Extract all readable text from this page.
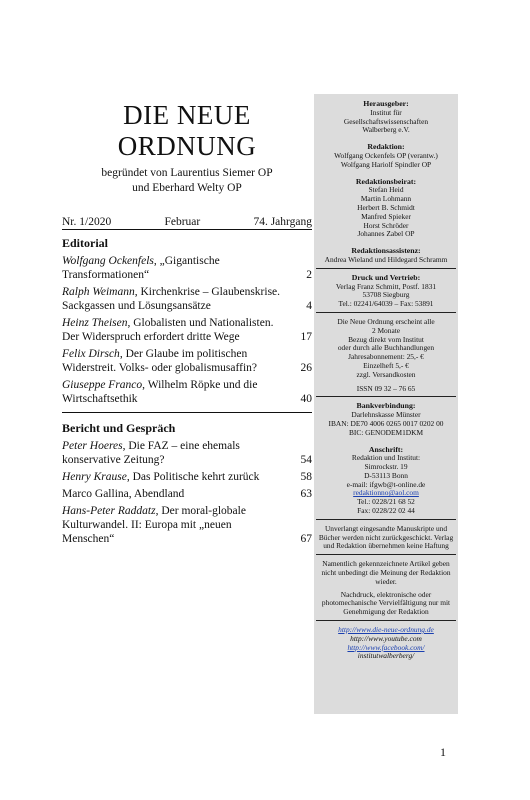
DIE NEUE
ORDNUNG
begründet von Laurentius Siemer OP
und Eberhard Welty OP
Nr. 1/2020	Februar	74. Jahrgang
Editorial
Wolfgang Ockenfels, „Gigantische Transformationen“	2
Ralph Weimann, Kirchenkrise – Glaubenskrise. Sackgassen und Lösungsansätze	4
Heinz Theisen, Globalisten und Nationalisten. Der Widerspruch erfordert dritte Wege	17
Felix Dirsch, Der Glaube im politischen Widerstreit. Volks- oder globalismusaffin?	26
Giuseppe Franco, Wilhelm Röpke und die Wirtschaftsethik	40
Bericht und Gespräch
Peter Hoeres, Die FAZ – eine ehemals konservative Zeitung?	54
Henry Krause, Das Politische kehrt zurück	58
Marco Gallina, Abendland	63
Hans-Peter Raddatz, Der moral-globale Kulturwandel. II: Europa mit „neuen Menschen“	67
Herausgeber:
Institut für Gesellschaftswissenschaften Walberberg e.V.
Redaktion:
Wolfgang Ockenfels OP (verantw.)
Wolfgang Hariolf Spindler OP
Redaktionsbeirat:
Stefan Heid
Martin Lohmann
Herbert B. Schmidt
Manfred Spieker
Horst Schröder
Johannes Zabel OP
Redaktionsassistenz:
Andrea Wieland und Hildegard Schramm
Druck und Vertrieb:
Verlag Franz Schmitt, Postf. 1831
53708 Siegburg
Tel.: 02241/64039 – Fax: 53891
Die Neue Ordnung erscheint alle
2 Monate
Bezug direkt vom Institut
oder durch alle Buchhandlungen
Jahresabonnement: 25,- €
Einzelheft 5,- €
zzgl. Versandkosten
ISSN 09 32 – 76 65
Bankverbindung:
Darlehnskasse Münster
IBAN: DE70 4006 0265 0017 0202 00
BIC: GENODEM1DKM
Anschrift:
Redaktion und Institut:
Simrockstr. 19
D-53113 Bonn
e-mail: ifgwb@t-online.de
redaktionno@aol.com
Tel.: 0228/21 68 52
Fax: 0228/22 02 44
Unverlangt eingesandte Manuskripte und Bücher werden nicht zurückgeschickt. Verlag und Redaktion übernehmen keine Haftung
Namentlich gekennzeichnete Artikel geben nicht unbedingt die Meinung der Redaktion wieder.
Nachdruck, elektronische oder photomechanische Vervielfältigung nur mit Genehmigung der Redaktion
http://www.die-neue-ordnung.de
http://www.youtube.com
http://www.facebook.com/
institutwalberberg/
1
